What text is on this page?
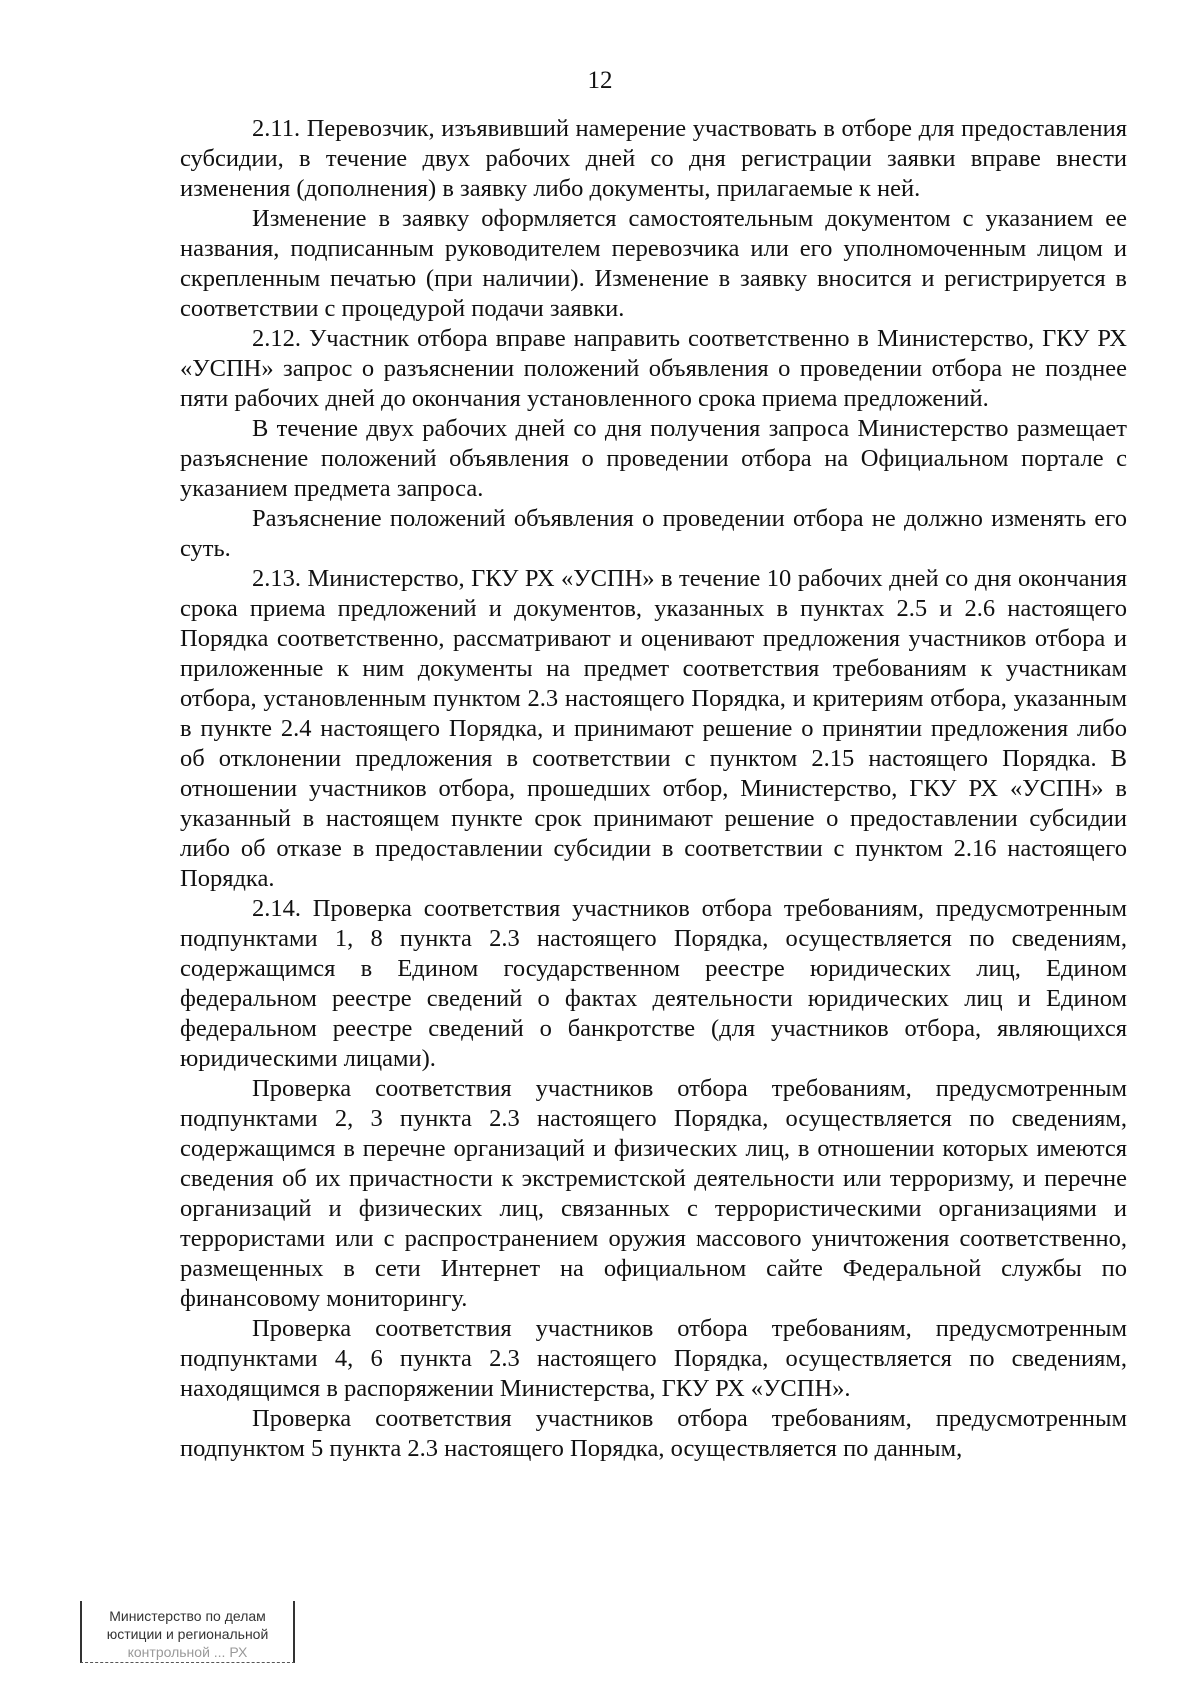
12

2.11. Перевозчик, изъявивший намерение участвовать в отборе для предоставления субсидии, в течение двух рабочих дней со дня регистрации заявки вправе внести изменения (дополнения) в заявку либо документы, прилагаемые к ней.

Изменение в заявку оформляется самостоятельным документом с указанием ее названия, подписанным руководителем перевозчика или его уполномоченным лицом и скрепленным печатью (при наличии). Изменение в заявку вносится и регистрируется в соответствии с процедурой подачи заявки.

2.12. Участник отбора вправе направить соответственно в Министерство, ГКУ РХ «УСПН» запрос о разъяснении положений объявления о проведении отбора не позднее пяти рабочих дней до окончания установленного срока приема предложений.

В течение двух рабочих дней со дня получения запроса Министерство размещает разъяснение положений объявления о проведении отбора на Официальном портале с указанием предмета запроса.

Разъяснение положений объявления о проведении отбора не должно изменять его суть.

2.13. Министерство, ГКУ РХ «УСПН» в течение 10 рабочих дней со дня окончания срока приема предложений и документов, указанных в пунктах 2.5 и 2.6 настоящего Порядка соответственно, рассматривают и оценивают предложения участников отбора и приложенные к ним документы на предмет соответствия требованиям к участникам отбора, установленным пунктом 2.3 настоящего Порядка, и критериям отбора, указанным в пункте 2.4 настоящего Порядка, и принимают решение о принятии предложения либо об отклонении предложения в соответствии с пунктом 2.15 настоящего Порядка. В отношении участников отбора, прошедших отбор, Министерство, ГКУ РХ «УСПН» в указанный в настоящем пункте срок принимают решение о предоставлении субсидии либо об отказе в предоставлении субсидии в соответствии с пунктом 2.16 настоящего Порядка.

2.14. Проверка соответствия участников отбора требованиям, предусмотренным подпунктами 1, 8 пункта 2.3 настоящего Порядка, осуществляется по сведениям, содержащимся в Едином государственном реестре юридических лиц, Едином федеральном реестре сведений о фактах деятельности юридических лиц и Едином федеральном реестре сведений о банкротстве (для участников отбора, являющихся юридическими лицами).

Проверка соответствия участников отбора требованиям, предусмотренным подпунктами 2, 3 пункта 2.3 настоящего Порядка, осуществляется по сведениям, содержащимся в перечне организаций и физических лиц, в отношении которых имеются сведения об их причастности к экстремистской деятельности или терроризму, и перечне организаций и физических лиц, связанных с террористическими организациями и террористами или с распространением оружия массового уничтожения соответственно, размещенных в сети Интернет на официальном сайте Федеральной службы по финансовому мониторингу.

Проверка соответствия участников отбора требованиям, предусмотренным подпунктами 4, 6 пункта 2.3 настоящего Порядка, осуществляется по сведениям, находящимся в распоряжении Министерства, ГКУ РХ «УСПН».

Проверка соответствия участников отбора требованиям, предусмотренным подпунктом 5 пункта 2.3 настоящего Порядка, осуществляется по данным,

Министерство по делам
юстиции и региональной
контрольной ... РХ
